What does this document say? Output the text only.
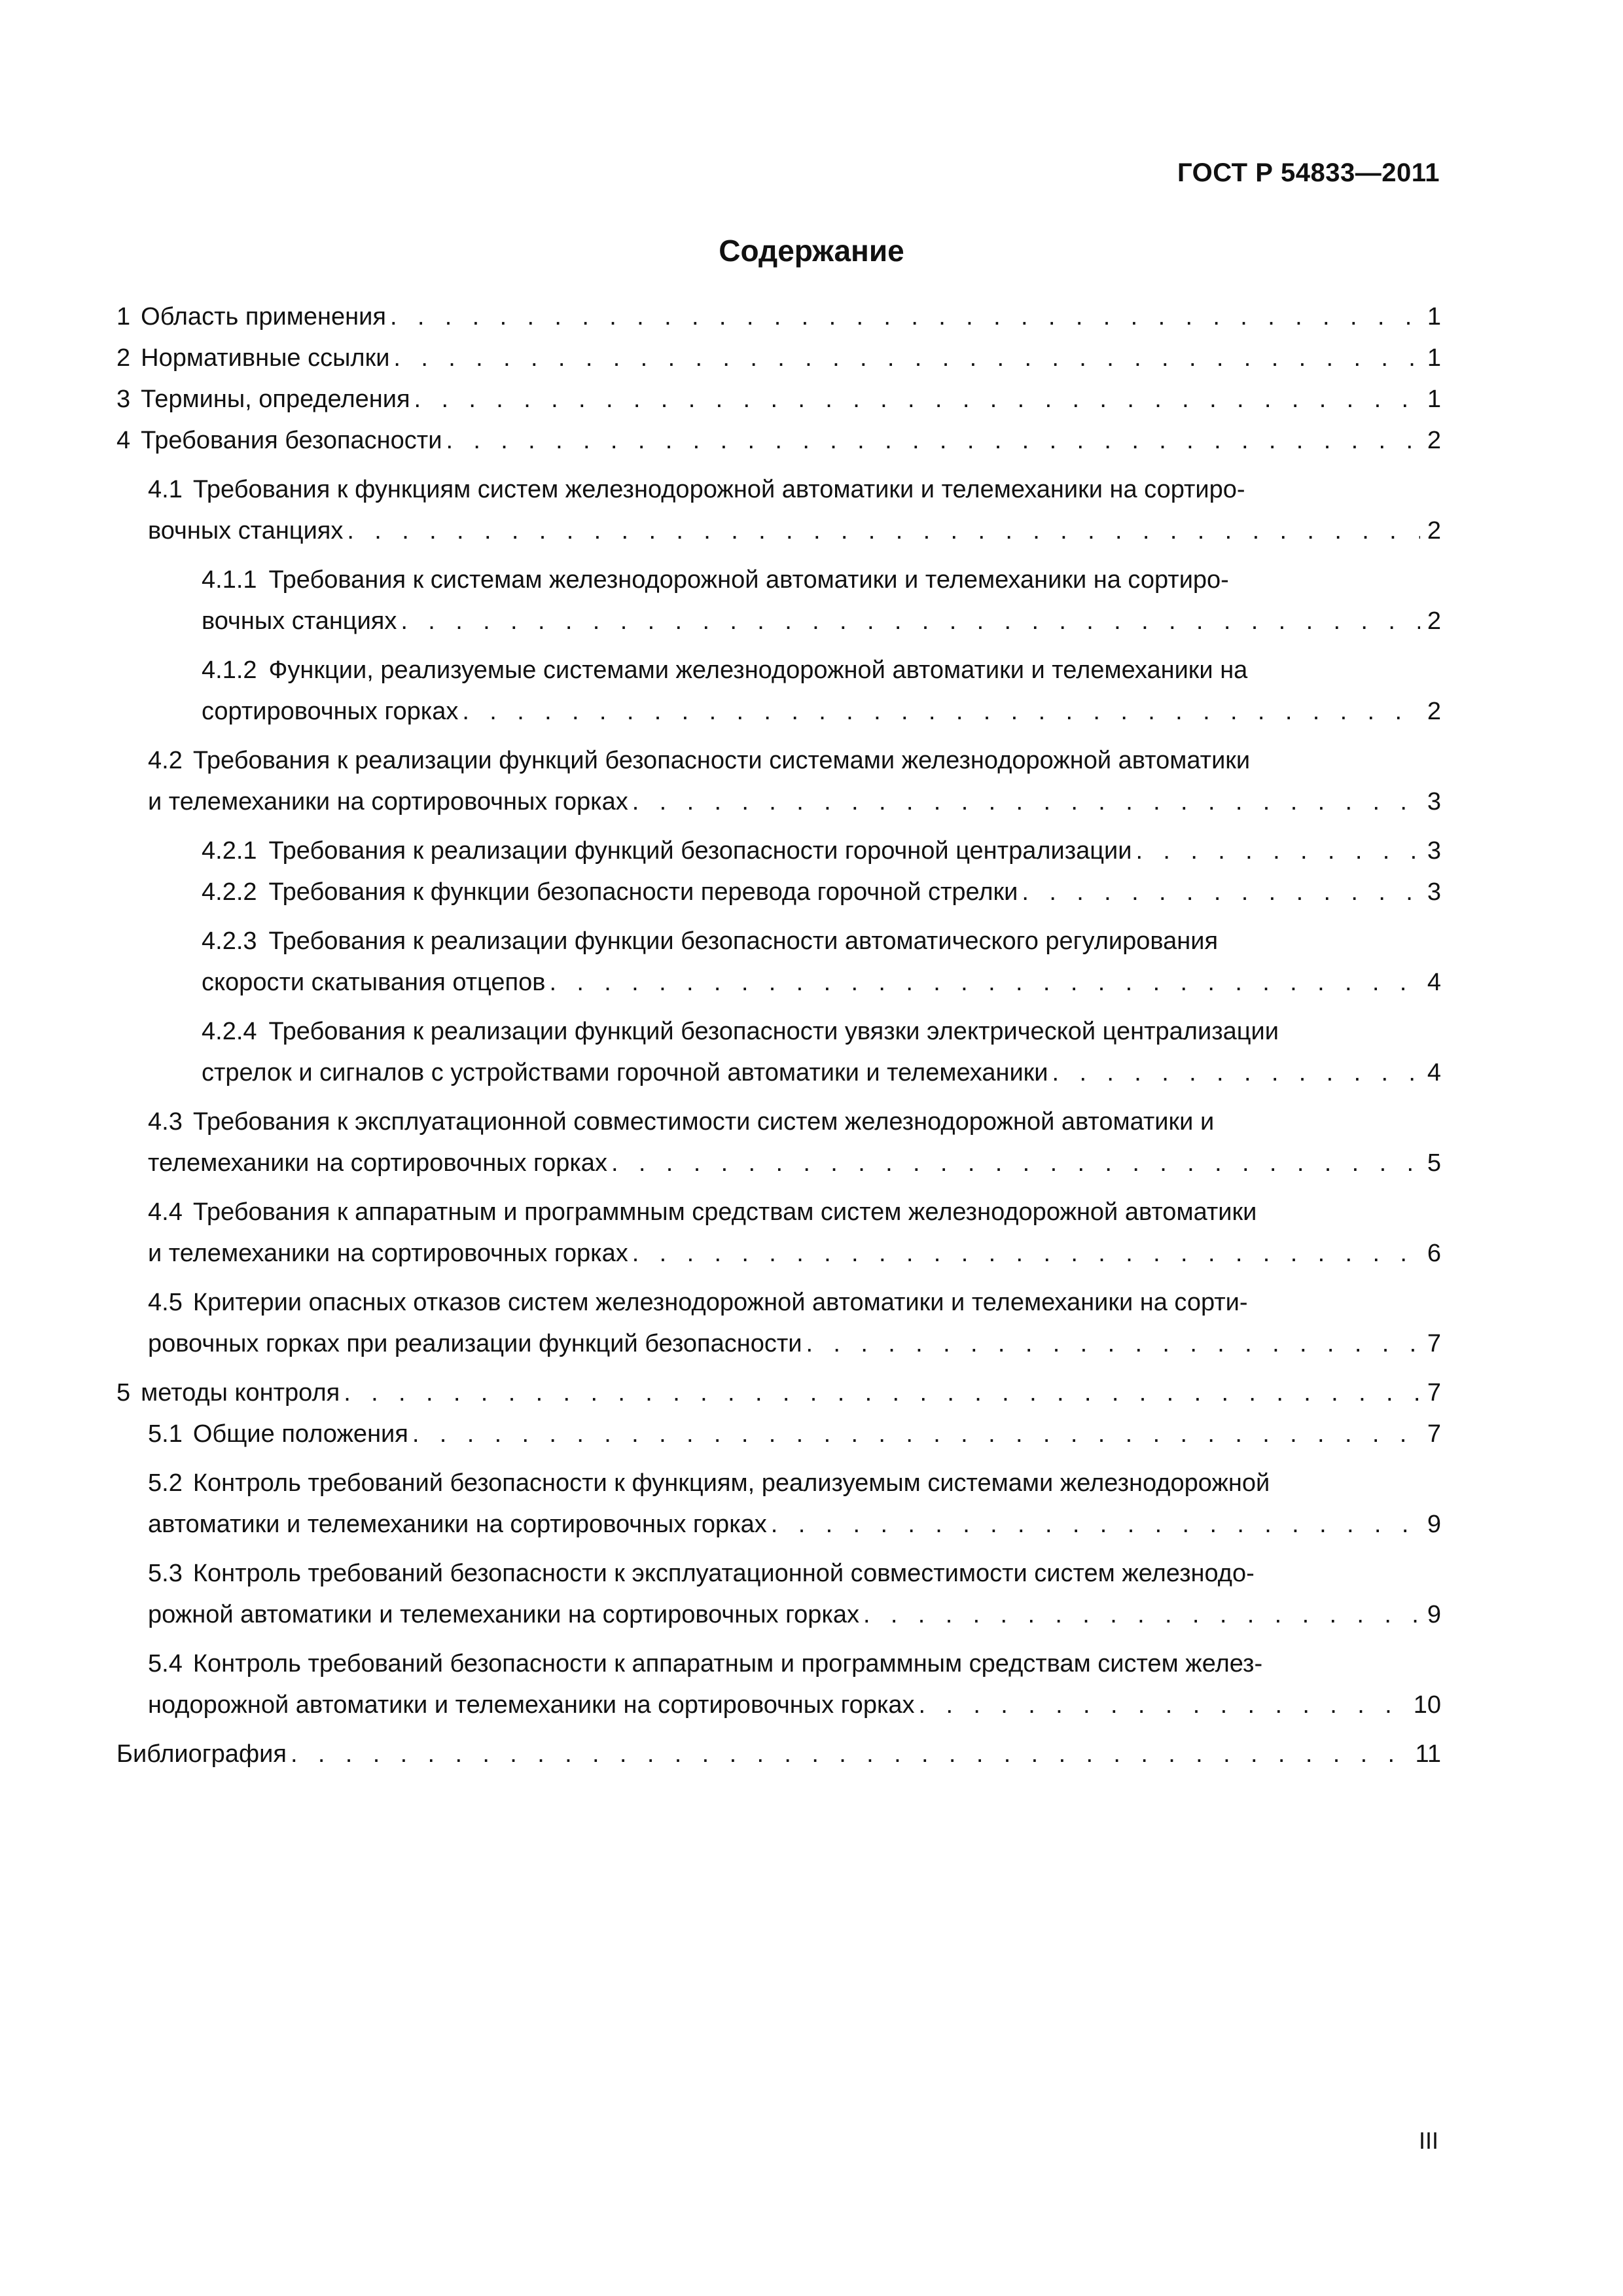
ГОСТ Р 54833—2011
Содержание
1 Область применения . . .	1
2 Нормативные ссылки . . .	1
3 Термины, определения . . .	1
4 Требования безопасности . . .	2
4.1 Требования к функциям систем железнодорожной автоматики и телемеханики на сортиро-
вочных станциях . . .	2
4.1.1 Требования к системам железнодорожной автоматики и телемеханики на сортиро-
вочных станциях . . .	2
4.1.2 Функции, реализуемые системами железнодорожной автоматики и телемеханики на
сортировочных горках . . .	2
4.2 Требования к реализации функций безопасности системами железнодорожной автоматики
и телемеханики на сортировочных горках . . .	3
4.2.1 Требования к реализации функций безопасности горочной централизации . . .	3
4.2.2 Требования к функции безопасности перевода горочной стрелки . . .	3
4.2.3 Требования к реализации функции безопасности автоматического регулирования
скорости скатывания отцепов . . .	4
4.2.4 Требования к реализации функций безопасности увязки электрической централизации
стрелок и сигналов с устройствами горочной автоматики и телемеханики . . .	4
4.3 Требования к эксплуатационной совместимости систем железнодорожной автоматики и
телемеханики на сортировочных горках . . .	5
4.4 Требования к аппаратным и программным средствам систем железнодорожной автоматики
и телемеханики на сортировочных горках . . .	6
4.5 Критерии опасных отказов систем железнодорожной автоматики и телемеханики на сорти-
ровочных горках при реализации функций безопасности . . .	7
5 методы контроля . . .	7
5.1 Общие положения . . .	7
5.2 Контроль требований безопасности к функциям, реализуемым системами железнодорожной
автоматики и телемеханики на сортировочных горках . . .	9
5.3 Контроль требований безопасности к эксплуатационной совместимости систем железнодо-
рожной автоматики и телемеханики на сортировочных горках . . .	9
5.4 Контроль требований безопасности к аппаратным и программным средствам систем желез-
нодорожной автоматики и телемеханики на сортировочных горках . . .	10
Библиография . . .	11
III
